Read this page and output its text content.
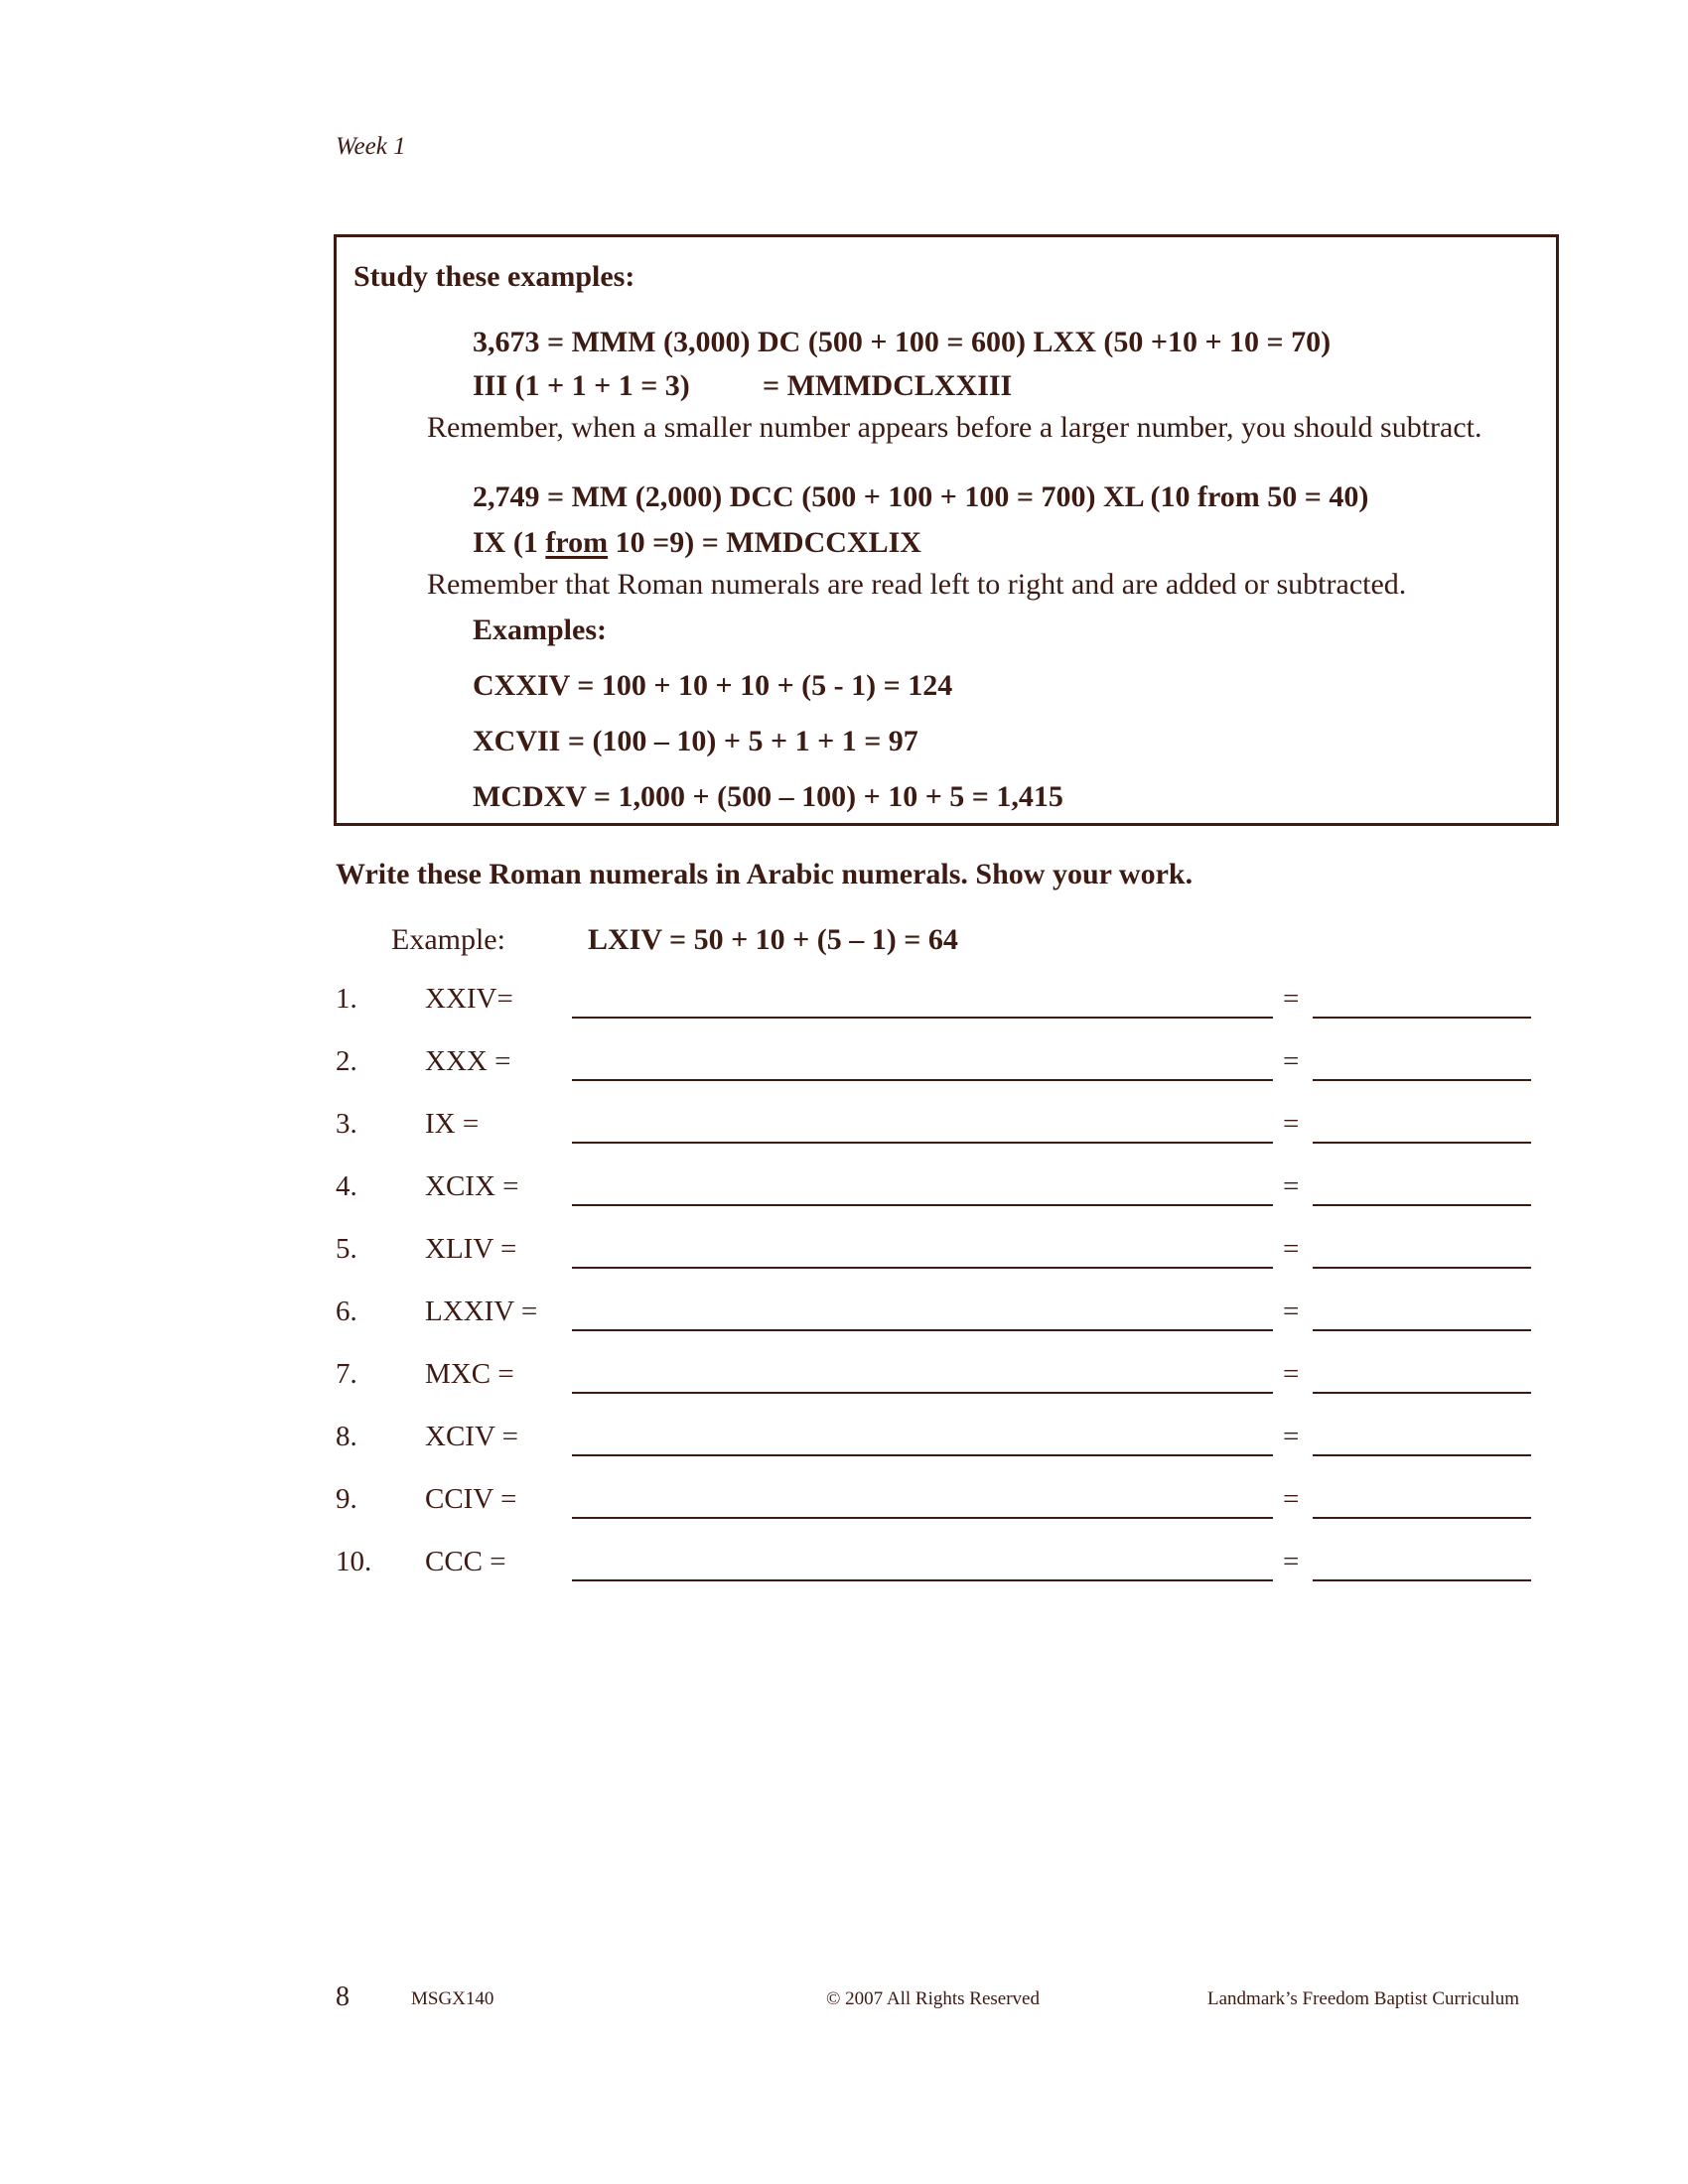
Week 1
Study these examples:
3,673 = MMM (3,000) DC (500 + 100 = 600) LXX (50 +10 + 10 = 70)
III (1 + 1 + 1 = 3) = MMMDCLXXIII
Remember, when a smaller number appears before a larger number, you should subtract.
2,749 = MM (2,000) DCC (500 + 100 + 100 = 700) XL (10 from 50 = 40)
IX (1 from 10 =9) = MMDCCXLIX
Remember that Roman numerals are read left to right and are added or subtracted.
Examples:
CXXIV = 100 + 10 + 10 + (5 - 1) = 124
XCVII = (100 – 10) + 5 + 1 + 1 = 97
MCDXV = 1,000 + (500 – 100) + 10 + 5 = 1,415
Write these Roman numerals in Arabic numerals. Show your work.
Example:	LXIV = 50 + 10 + (5 – 1) = 64
1. XXIV=	=
2. XXX =	=
3. IX =	=
4. XCIX =	=
5. XLIV =	=
6. LXXIV =	=
7. MXC =	=
8. XCIV =	=
9. CCIV =	=
10. CCC =	=
8	MSGX140	© 2007 All Rights Reserved	Landmark’s Freedom Baptist Curriculum
